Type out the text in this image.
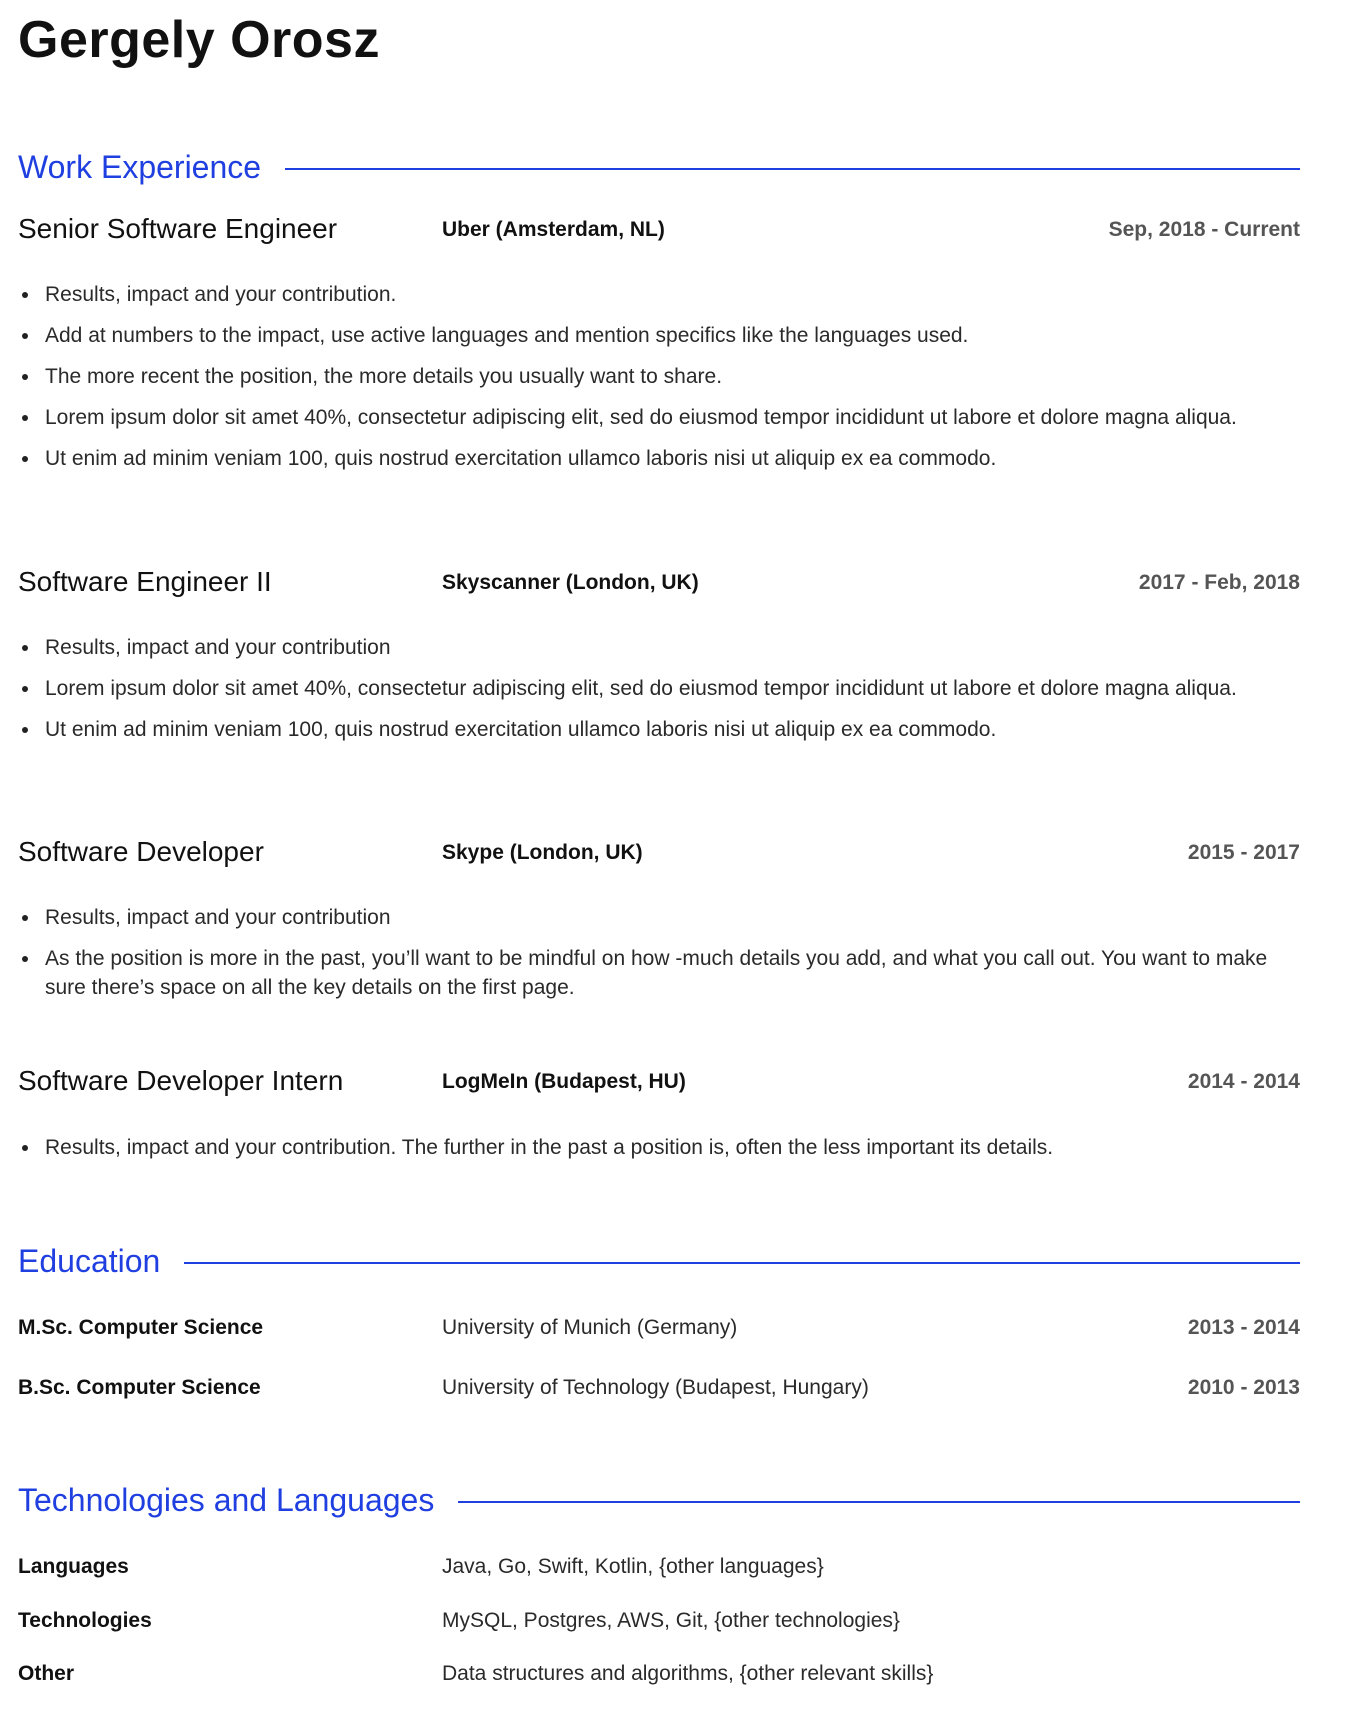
Gergely Orosz
Work Experience
Senior Software Engineer	Uber (Amsterdam, NL)	Sep, 2018 - Current
Results, impact and your contribution.
Add at numbers to the impact, use active languages and mention specifics like the languages used.
The more recent the position, the more details you usually want to share.
Lorem ipsum dolor sit amet 40%, consectetur adipiscing elit, sed do eiusmod tempor incididunt ut labore et dolore magna aliqua.
Ut enim ad minim veniam 100, quis nostrud exercitation ullamco laboris nisi ut aliquip ex ea commodo.
Software Engineer II	Skyscanner (London, UK)	2017 - Feb, 2018
Results, impact and your contribution
Lorem ipsum dolor sit amet 40%, consectetur adipiscing elit, sed do eiusmod tempor incididunt ut labore et dolore magna aliqua.
Ut enim ad minim veniam 100, quis nostrud exercitation ullamco laboris nisi ut aliquip ex ea commodo.
Software Developer	Skype (London, UK)	2015 - 2017
Results, impact and your contribution
As the position is more in the past, you’ll want to be mindful on how -much details you add, and what you call out. You want to make sure there’s space on all the key details on the first page.
Software Developer Intern	LogMeIn (Budapest, HU)	2014 - 2014
Results, impact and your contribution. The further in the past a position is, often the less important its details.
Education
M.Sc. Computer Science	University of Munich (Germany)	2013 - 2014
B.Sc. Computer Science	University of Technology (Budapest, Hungary)	2010 - 2013
Technologies and Languages
Languages	Java, Go, Swift, Kotlin, {other languages}
Technologies	MySQL, Postgres, AWS, Git, {other technologies}
Other	Data structures and algorithms, {other relevant skills}
